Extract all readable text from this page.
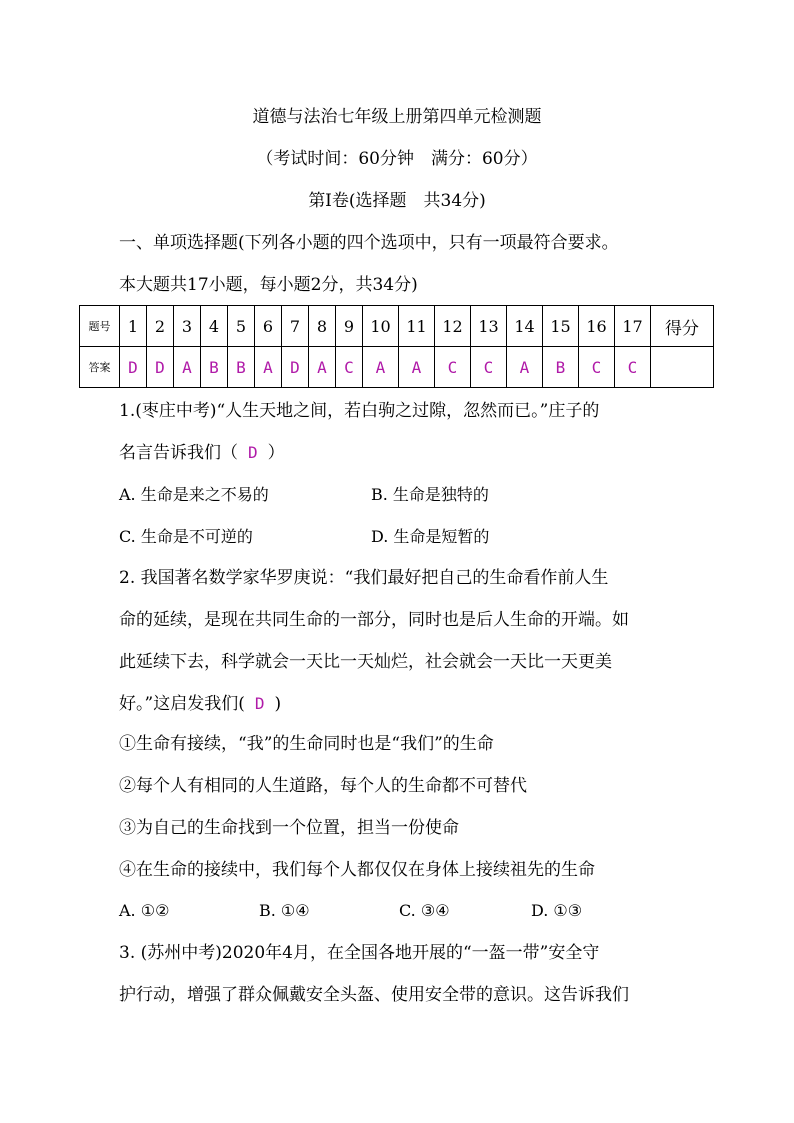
道德与法治七年级上册第四单元检测题
（考试时间：60分钟　满分：60分）
第Ⅰ卷(选择题　共34分)
一、单项选择题(下列各小题的四个选项中，只有一项最符合要求。
本大题共17小题，每小题2分，共34分)
题号	1	2	3	4	5	6	7	8	9	10	11	12	13	14	15	16	17	得分
答案	D	D	A	B	B	A	D	A	C	A	A	C	C	A	B	C	C	
1.(枣庄中考)“人生天地之间，若白驹之过隙，忽然而已。”庄子的
名言告诉我们（ D ）
A. 生命是来之不易的	B. 生命是独特的
C. 生命是不可逆的	D. 生命是短暂的
2. 我国著名数学家华罗庚说：“我们最好把自己的生命看作前人生
命的延续，是现在共同生命的一部分，同时也是后人生命的开端。如
此延续下去，科学就会一天比一天灿烂，社会就会一天比一天更美
好。”这启发我们( D )
①生命有接续，“我”的生命同时也是“我们”的生命
②每个人有相同的人生道路，每个人的生命都不可替代
③为自己的生命找到一个位置，担当一份使命
④在生命的接续中，我们每个人都仅仅在身体上接续祖先的生命
A. ①②	B. ①④	C. ③④	D. ①③
3. (苏州中考)2020年4月，在全国各地开展的“一盔一带”安全守
护行动，增强了群众佩戴安全头盔、使用安全带的意识。这告诉我们
